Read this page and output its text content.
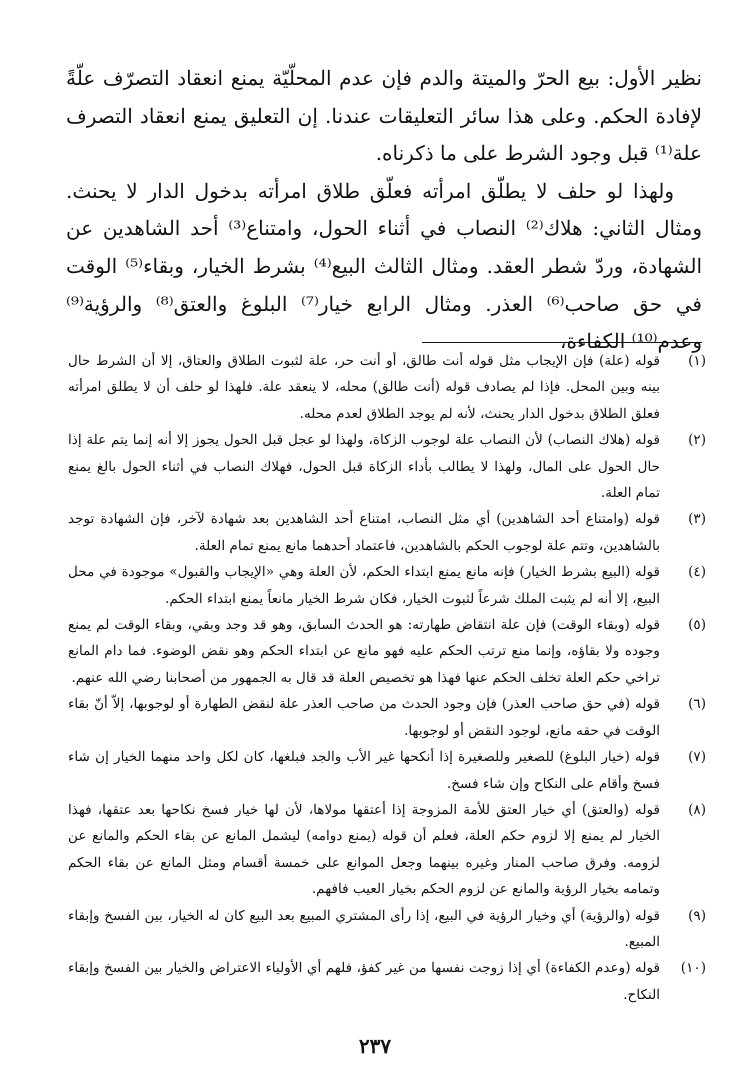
نظير الأول: بيع الحرّ والميتة والدم فإن عدم المحلّيّة يمنع انعقاد التصرّف علّةً لإفادة الحكم. وعلى هذا سائر التعليقات عندنا. إن التعليق يمنع انعقاد التصرف علة⁽¹⁾ قبل وجود الشرط على ما ذكرناه.

ولهذا لو حلف لا يطلّق امرأته فعلّق طلاق امرأته بدخول الدار لا يحنث. ومثال الثاني: هلاك⁽²⁾ النصاب في أثناء الحول، وامتناع⁽³⁾ أحد الشاهدين عن الشهادة، وردّ شطر العقد. ومثال الثالث البيع⁽⁴⁾ بشرط الخيار، وبقاء⁽⁵⁾ الوقت في حق صاحب⁽⁶⁾ العذر. ومثال الرابع خيار⁽⁷⁾ البلوغ والعتق⁽⁸⁾ والرؤية⁽⁹⁾ وعدم⁽¹⁰⁾ الكفاءة،

(١)
قوله (علة) فإن الإيجاب مثل قوله أنت طالق، أو أنت حر، علة لثبوت الطلاق والعتاق، إلا أن الشرط حال بينه وبين المحل. فإذا لم يصادف قوله (أنت طالق) محله، لا ينعقد علة. فلهذا لو حلف أن لا يطلق امرأته فعلق الطلاق بدخول الدار يحنث، لأنه لم يوجد الطلاق لعدم محله.
(٢)
قوله (هلاك النصاب) لأن النصاب علة لوجوب الزكاة، ولهذا لو عجل قبل الحول يجوز إلا أنه إنما يتم علة إذا حال الحول على المال، ولهذا لا يطالب بأداء الزكاة قبل الحول، فهلاك النصاب في أثناء الحول بالغ يمنع تمام العلة.
(٣)
قوله (وامتناع أحد الشاهدين) أي مثل النصاب، امتناع أحد الشاهدين بعد شهادة لآخر، فإن الشهادة توجد بالشاهدين، وتتم علة لوجوب الحكم بالشاهدين، فاعتماد أحدهما مانع يمنع تمام العلة.
(٤)
قوله (البيع بشرط الخيار) فإنه مانع يمنع ابتداء الحكم، لأن العلة وهي «الإيجاب والقبول» موجودة في محل البيع، إلا أنه لم يثبت الملك شرعاً لثبوت الخيار، فكان شرط الخيار مانعاً يمنع ابتداء الحكم.
(٥)
قوله (وبقاء الوقت) فإن علة انتقاض طهارته: هو الحدث السابق، وهو قد وجد وبقي، وبقاء الوقت لم يمنع وجوده ولا بقاؤه، وإنما منع ترتب الحكم عليه فهو مانع عن ابتداء الحكم وهو نقض الوضوء. فما دام المانع تراخي حكم العلة تخلف الحكم عنها فهذا هو تخصيص العلة قد قال به الجمهور من أصحابنا رضي الله عنهم.
(٦)
قوله (في حق صاحب العذر) فإن وجود الحدث من صاحب العذر علة لنقض الطهارة أو لوجوبها، إلاّ أنّ بقاء الوقت في حقه مانع، لوجود النقض أو لوجوبها.
(٧)
قوله (خيار البلوغ) للصغير وللصغيرة إذا أنكحها غير الأب والجد فبلغها، كان لكل واحد منهما الخيار إن شاء فسخ وأقام على النكاح وإن شاء فسخ.
(٨)
قوله (والعتق) أي خيار العتق للأمة المزوجة إذا أعتقها مولاها، لأن لها خيار فسخ نكاحها بعد عتقها، فهذا الخيار لم يمنع إلا لزوم حكم العلة، فعلم أن قوله (يمنع دوامه) ليشمل المانع عن بقاء الحكم والمانع عن لزومه. وفرق صاحب المنار وغيره بينهما وجعل الموانع على خمسة أقسام ومثل المانع عن بقاء الحكم وتمامه بخيار الرؤية والمانع عن لزوم الحكم بخيار العيب فافهم.
(٩)
قوله (والرؤية) أي وخيار الرؤية في البيع، إذا رأى المشتري المبيع بعد البيع كان له الخيار، بين الفسخ وإبقاء المبيع.
(١٠)
قوله (وعدم الكفاءة) أي إذا زوجت نفسها من غير كفؤ، فلهم أي الأولياء الاعتراض والخيار بين الفسخ وإبقاء النكاح.
٢٣٧
